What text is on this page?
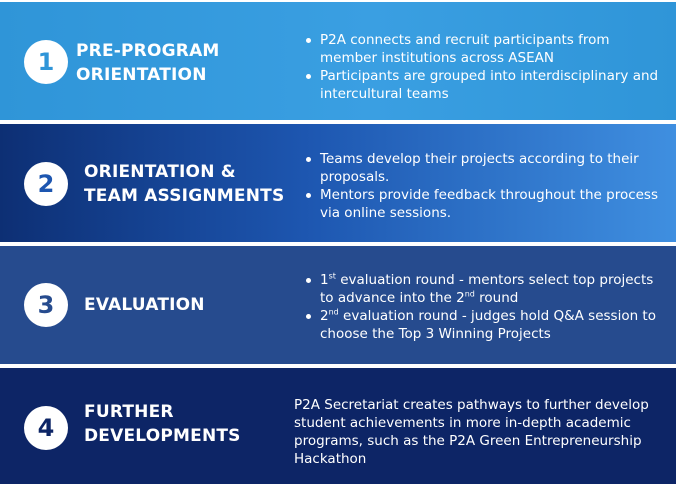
1	PRE-PROGRAM
ORIENTATION
P2A connects and recruit participants from member institutions across ASEAN
Participants are grouped into interdisciplinary and intercultural teams
2	ORIENTATION &
TEAM ASSIGNMENTS
Teams develop their projects according to their proposals.
Mentors provide feedback throughout the process via online sessions.
3	EVALUATION
1st evaluation round - mentors select top projects to advance into the 2nd round
2nd evaluation round - judges hold Q&A session to choose the Top 3 Winning Projects
4
FURTHER
DEVELOPMENTS

P2A Secretariat creates pathways to further develop student achievements in more in-depth academic programs, such as the P2A Green Entrepreneurship Hackathon
